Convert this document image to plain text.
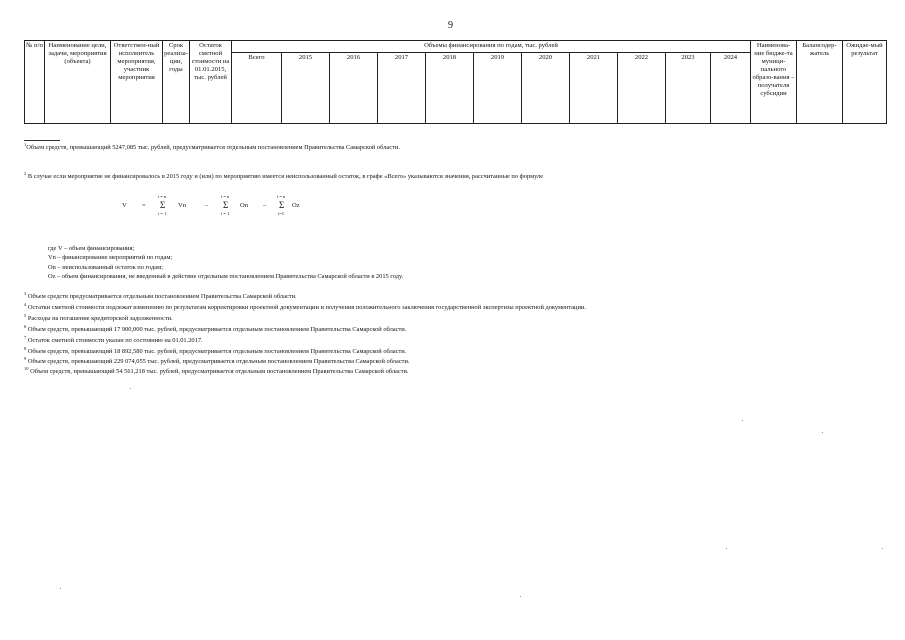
9
№ п/п	Наименование цели, задачи, мероприятия (объекта)	Ответствен-ный исполнитель мероприятия, участник мероприятия	Срок реализа-ции, годы	Остаток сметной стоимости на 01.01.2015, тыс. рублей	Объемы финансирования по годам, тыс. рублей											Наименова-ние бюдже-та муници-пального образо-вания – получателя субсидии	Балансодер-жатель	Ожидае-мый результат
					Всего	2015	2016	2017	2018	2019	2020	2021	2022	2023	2024			
$^1$Объем средств, превышающий 5247,085 тыс. рублей, предусматривается отдельным постановлением Правительства Самарской области.
$^2$ В случае если мероприятие не финансировалось в 2015 году и (или) по мероприятию имеется неиспользованный остаток, в графе «Всего» указываются значения, рассчитанные по формуле
V =
i = n
Σ
i = 1
Vn	–
i = n
Σ
i = 1
On –
i = n
Σ
i=1
Oz
где V – объем финансирования;
Vn – финансирование мероприятий по годам;
On – неиспользованный остаток по годам;
Oz – объем финансирования, не введенный в действие отдельным постановлением Правительства Самарской области в 2015 году.
$^3$ Объем средств предусматривается отдельным постановлением Правительства Самарской области.
$^4$ Остатки сметной стоимости подлежат изменению по результатам корректировки проектной документации и получения положительного заключения государственной экспертизы проектной документации.
$^5$ Расходы на погашение кредиторской задолженности.
$^6$ Объем средств, превышающий 17 900,000 тыс. рублей, предусматривается отдельным постановлением Правительства Самарской области.
$^7$ Остаток сметной стоимости указан по состоянию на 01.01.2017.
$^8$ Объем средств, превышающий 18 892,580 тыс. рублей, предусматривается отдельным постановлением Правительства Самарской области.
$^9$ Объем средств, превышающий 229 074,055 тыс. рублей, предусматривается отдельным постановлением Правительства Самарской области.
$^{10}$ Объем средств, превышающий 54 561,218 тыс. рублей, предусматривается отдельным постановлением Правительства Самарской области.
